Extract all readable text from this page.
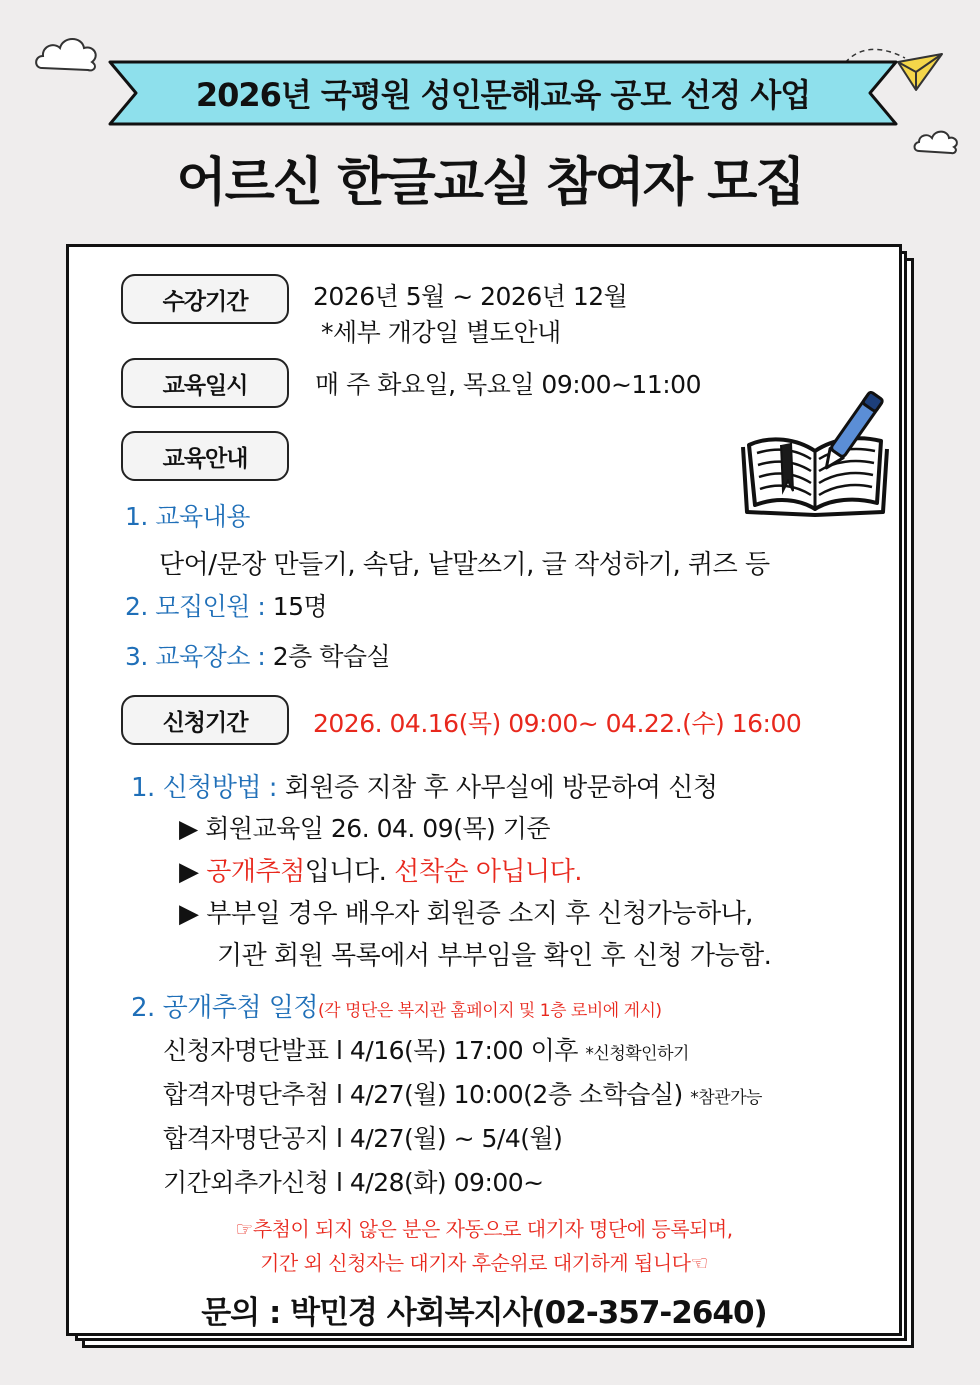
2026년 국평원 성인문해교육 공모 선정 사업
어르신 한글교실 참여자 모집
수강기간	2026년 5월 ~ 2026년 12월
*세부 개강일 별도안내
교육일시	매 주 화요일, 목요일 09:00~11:00
교육안내
1. 교육내용
단어/문장 만들기, 속담, 낱말쓰기, 글 작성하기, 퀴즈 등
2. 모집인원 : 15명
3. 교육장소 : 2층 학습실
신청기간	2026. 04.16(목) 09:00~ 04.22.(수) 16:00
1. 신청방법 : 회원증 지참 후 사무실에 방문하여 신청
▶ 회원교육일 26. 04. 09(목) 기준
▶ 공개추첨입니다. 선착순 아닙니다.
▶ 부부일 경우 배우자 회원증 소지 후 신청가능하나,
기관 회원 목록에서 부부임을 확인 후 신청 가능함.
2. 공개추첨 일정(각 명단은 복지관 홈페이지 및 1층 로비에 게시)
신청자명단발표 l 4/16(목) 17:00 이후 *신청확인하기
합격자명단추첨 l 4/27(월) 10:00(2층 소학습실) *참관가능
합격자명단공지 l 4/27(월) ~ 5/4(월)
기간외추가신청 l 4/28(화) 09:00~
☞추첨이 되지 않은 분은 자동으로 대기자 명단에 등록되며,
기간 외 신청자는 대기자 후순위로 대기하게 됩니다☜
문의 : 박민경 사회복지사(02-357-2640)
